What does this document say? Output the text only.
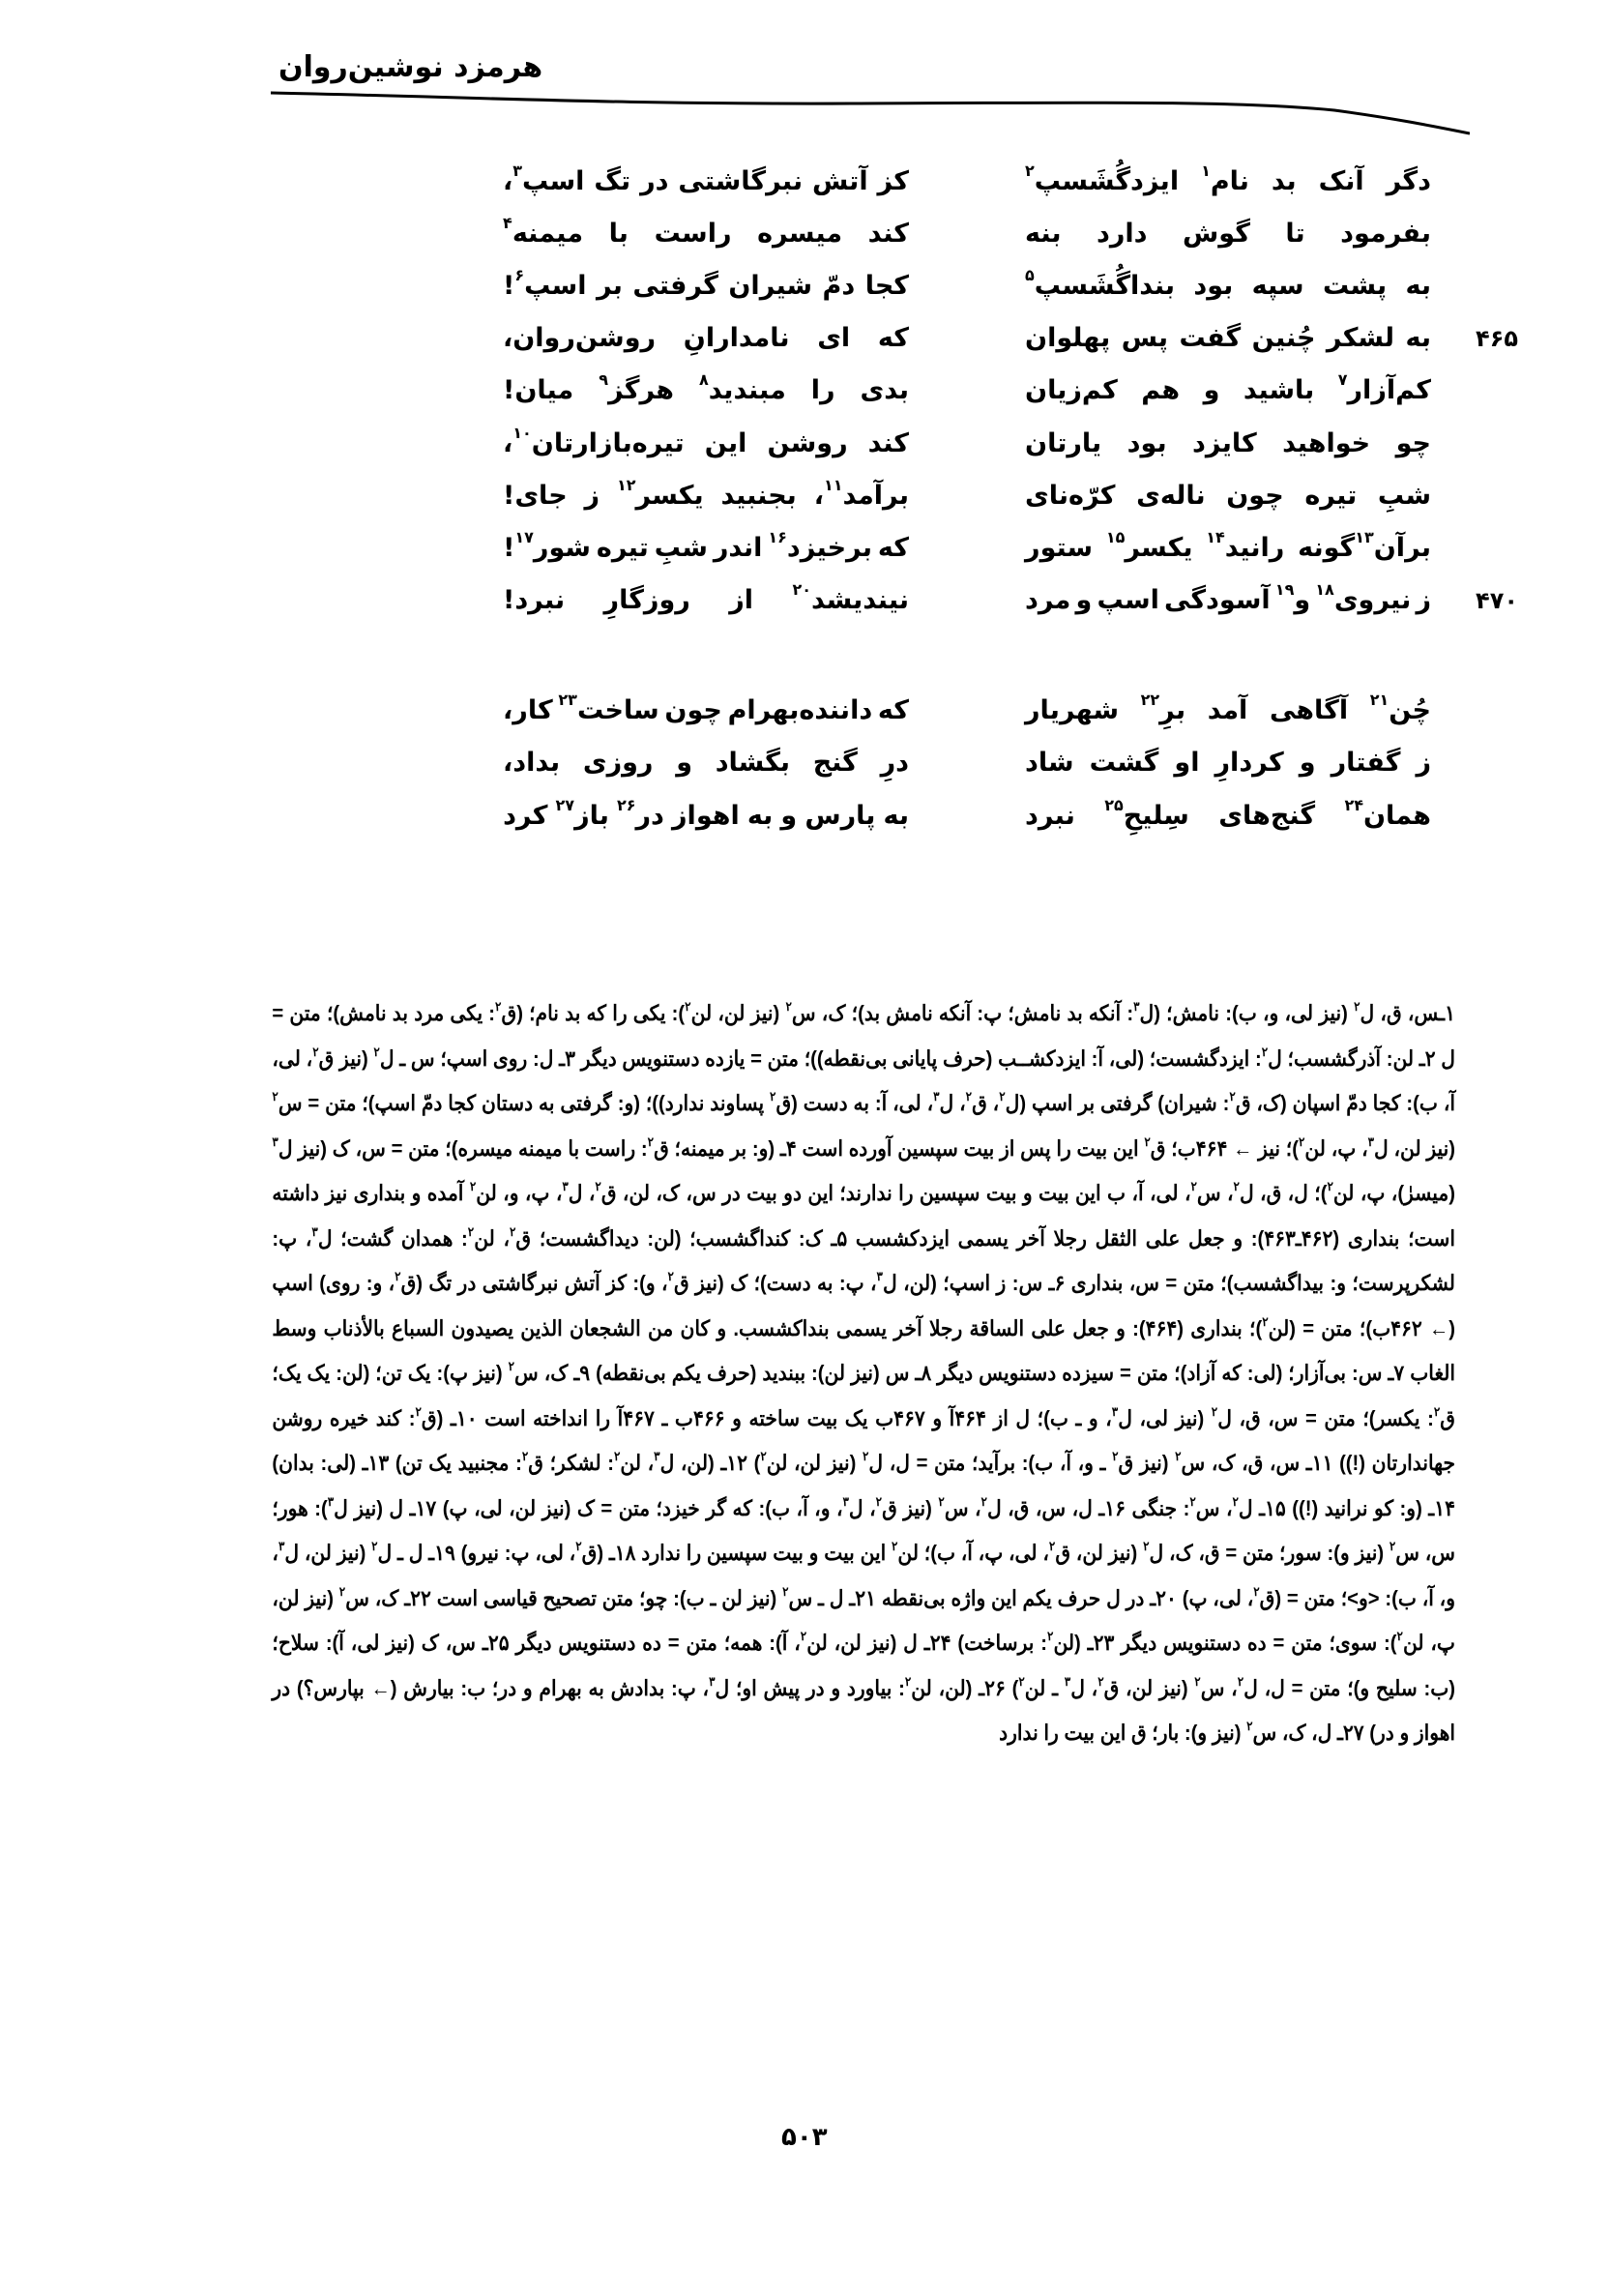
هرمزد نوشین‌روان
دگر
آنک
بد
نام$^۱$
ایزدگُشَسپ$^۲$
کز
آتش
نبرگاشتی
در
تگ
اسپ$^۳$،
بفرمود
تا
گوش
دارد
بنه
کند
میسره
راست
با
میمنه$^۴$
به
پشت
سپه
بود
بنداگُشَسپ$^۵$
کجا
دمّ
شیران
گرفتی
بر
اسپ$^۶$!
۴۶۵
به
لشکر
چُنین
گفت
پس
پهلوان
که
ای
نامدارانِ
روشن‌روان،
کم‌آزار$^۷$
باشید
و
هم
کم‌زیان
بدی
را
مبندید$^۸$
هرگز$^۹$
میان!
چو
خواهید
کایزد
بود
یارتان
کند
روشن
این
تیره‌بازارتان$^{۱۰}$،
شبِ
تیره
چون
ناله‌ی
کرّه‌نای
برآمد$^{۱۱}$،
بجنبید
یکسر$^{۱۲}$
ز
جای!
برآن$^{۱۳}$گونه
رانید$^{۱۴}$
یکسر$^{۱۵}$
ستور
که
برخیزد$^{۱۶}$
اندر
شبِ
تیره
شور$^{۱۷}$!
۴۷۰
ز
نیروی$^{۱۸}$
و$^{۱۹}$
آسودگی
اسپ
و
مرد
نیندیشد$^{۲۰}$
از
روزگارِ
نبرد!
چُن$^{۲۱}$
آگاهی
آمد
برِ$^{۲۲}$
شهریار
که
داننده‌بهرام
چون
ساخت$^{۲۳}$
کار،
ز
گفتار
و
کردارِ
او
گشت
شاد
درِ
گنج
بگشاد
و
روزی
بداد،
همان$^{۲۴}$
گنج‌های
سِلیحِ$^{۲۵}$
نبرد
به
پارس
و
به
اهواز
در$^{۲۶}$
باز$^{۲۷}$
کرد
۱ـس، ق، ل$^۲$ (نیز لی، و، ب): نامش؛ (ل$^۳$: آنکه بد نامش؛ پ: آنکه نامش بد)؛ ک، س$^۲$ (نیز لن، لن$^۲$): یکی را که بد نام؛ (ق$^۲$: یکی مرد بد نامش)؛ متن = ل ۲ـ لن: آذرگشسب؛ ل$^۲$: ایزدگشست؛ (لی، آ: ایزدکشــب (حرف پایانی بی‌نقطه))؛ متن = یازده دستنویس دیگر ۳ـ ل: روی اسپ؛ س ـ ل$^۲$ (نیز ق$^۲$، لی، آ، ب): کجا دمّ اسپان (ک، ق$^۲$: شیران) گرفتی بر اسپ (ل$^۲$، ق$^۲$، ل$^۳$، لی، آ: به دست (ق$^۲$ پساوند ندارد))؛ (و: گرفتی به دستان کجا دمّ اسپ)؛ متن = س$^۲$ (نیز لن، ل$^۳$، پ، لن$^۲$)؛ نیز ← ۴۶۴ب؛ ق$^۲$ این بیت را پس از بیت سپسین آورده است ۴ـ (و: بر میمنه؛ ق$^۲$: راست با میمنه میسره)؛ متن = س، ک (نیز ل$^۳$ (میسرٰ)، پ، لن$^۲$)؛ ل، ق، ل$^۲$، س$^۲$، لی، آ، ب این بیت و بیت سپسین را ندارند؛ این دو بیت در س، ک، لن، ق$^۲$، ل$^۳$، پ، و، لن$^۲$ آمده و بنداری نیز داشته است؛ بنداری (۴۶۲ـ۴۶۳): و جعل علی الثقل رجلا آخر یسمی ایزدکشسب ۵ـ ک: کنداگشسب؛ (لن: دیداگشست؛ ق$^۲$، لن$^۲$: همدان گشت؛ ل$^۳$، پ: لشکرپرست؛ و: بیداگشسب)؛ متن = س، بنداری ۶ـ س: ز اسپ؛ (لن، ل$^۳$، پ: به دست)؛ ک (نیز ق$^۲$، و): کز آتش نبرگاشتی در تگ (ق$^۲$، و: روی) اسپ (← ۴۶۲ب)؛ متن = (لن$^۲$)؛ بنداری (۴۶۴): و جعل علی الساقة رجلا آخر یسمی بنداکشسب. و کان من الشجعان الذین یصیدون السباع بالأذناب وسط الغاب ۷ـ س: بی‌آزار؛ (لی: که آزاد)؛ متن = سیزده دستنویس دیگر ۸ـ س (نیز لن): ببندید (حرف یکم بی‌نقطه) ۹ـ ک، س$^۲$ (نیز پ): یک تن؛ (لن: یک یک؛ ق$^۲$: یکسر)؛ متن = س، ق، ل$^۲$ (نیز لی، ل$^۳$، و ـ ب)؛ ل از ۴۶۴آ و ۴۶۷ب یک بیت ساخته و ۴۶۶ب ـ ۴۶۷آ را انداخته است ۱۰ـ (ق$^۲$: کند خیره روشن جهاندارتان (!)) ۱۱ـ س، ق، ک، س$^۲$ (نیز ق$^۲$ ـ و، آ، ب): برآید؛ متن = ل، ل$^۲$ (نیز لن، لن$^۲$) ۱۲ـ (لن، ل$^۳$، لن$^۲$: لشکر؛ ق$^۲$: مجنبید یک تن) ۱۳ـ (لی: بدان) ۱۴ـ (و: کو نرانید (!)) ۱۵ـ ل$^۲$، س$^۲$: جنگی ۱۶ـ ل، س، ق، ل$^۲$، س$^۲$ (نیز ق$^۲$، ل$^۳$، و، آ، ب): که گر خیزد؛ متن = ک (نیز لن، لی، پ) ۱۷ـ ل (نیز ل$^۳$): هور؛ س، س$^۲$ (نیز و): سور؛ متن = ق، ک، ل$^۲$ (نیز لن، ق$^۲$، لی، پ، آ، ب)؛ لن$^۲$ این بیت و بیت سپسین را ندارد ۱۸ـ (ق$^۲$، لی، پ: نیرو) ۱۹ـ ل ـ ل$^۲$ (نیز لن، ل$^۳$، و، آ، ب): <و>؛ متن = (ق$^۲$، لی، پ) ۲۰ـ در ل حرف یکم این واژه بی‌نقطه ۲۱ـ ل ـ س$^۲$ (نیز لن ـ ب): چو؛ متن تصحیح قیاسی است ۲۲ـ ک، س$^۲$ (نیز لن، پ، لن$^۲$): سوی؛ متن = ده دستنویس دیگر ۲۳ـ (لن$^۲$: برساخت) ۲۴ـ ل (نیز لن، لن$^۲$، آ): همه؛ متن = ده دستنویس دیگر ۲۵ـ س، ک (نیز لی، آ): سلاح؛ (ب: سلیح و)؛ متن = ل، ل$^۲$، س$^۲$ (نیز لن، ق$^۲$، ل$^۳$ ـ لن$^۲$) ۲۶ـ (لن، لن$^۲$: بیاورد و در پیش او؛ ل$^۳$، پ: بدادش به بهرام و در؛ ب: بیارش (← بپارس؟) در اهواز و در) ۲۷ـ ل، ک، س$^۲$ (نیز و): بار؛ ق این بیت را ندارد
۵۰۳
